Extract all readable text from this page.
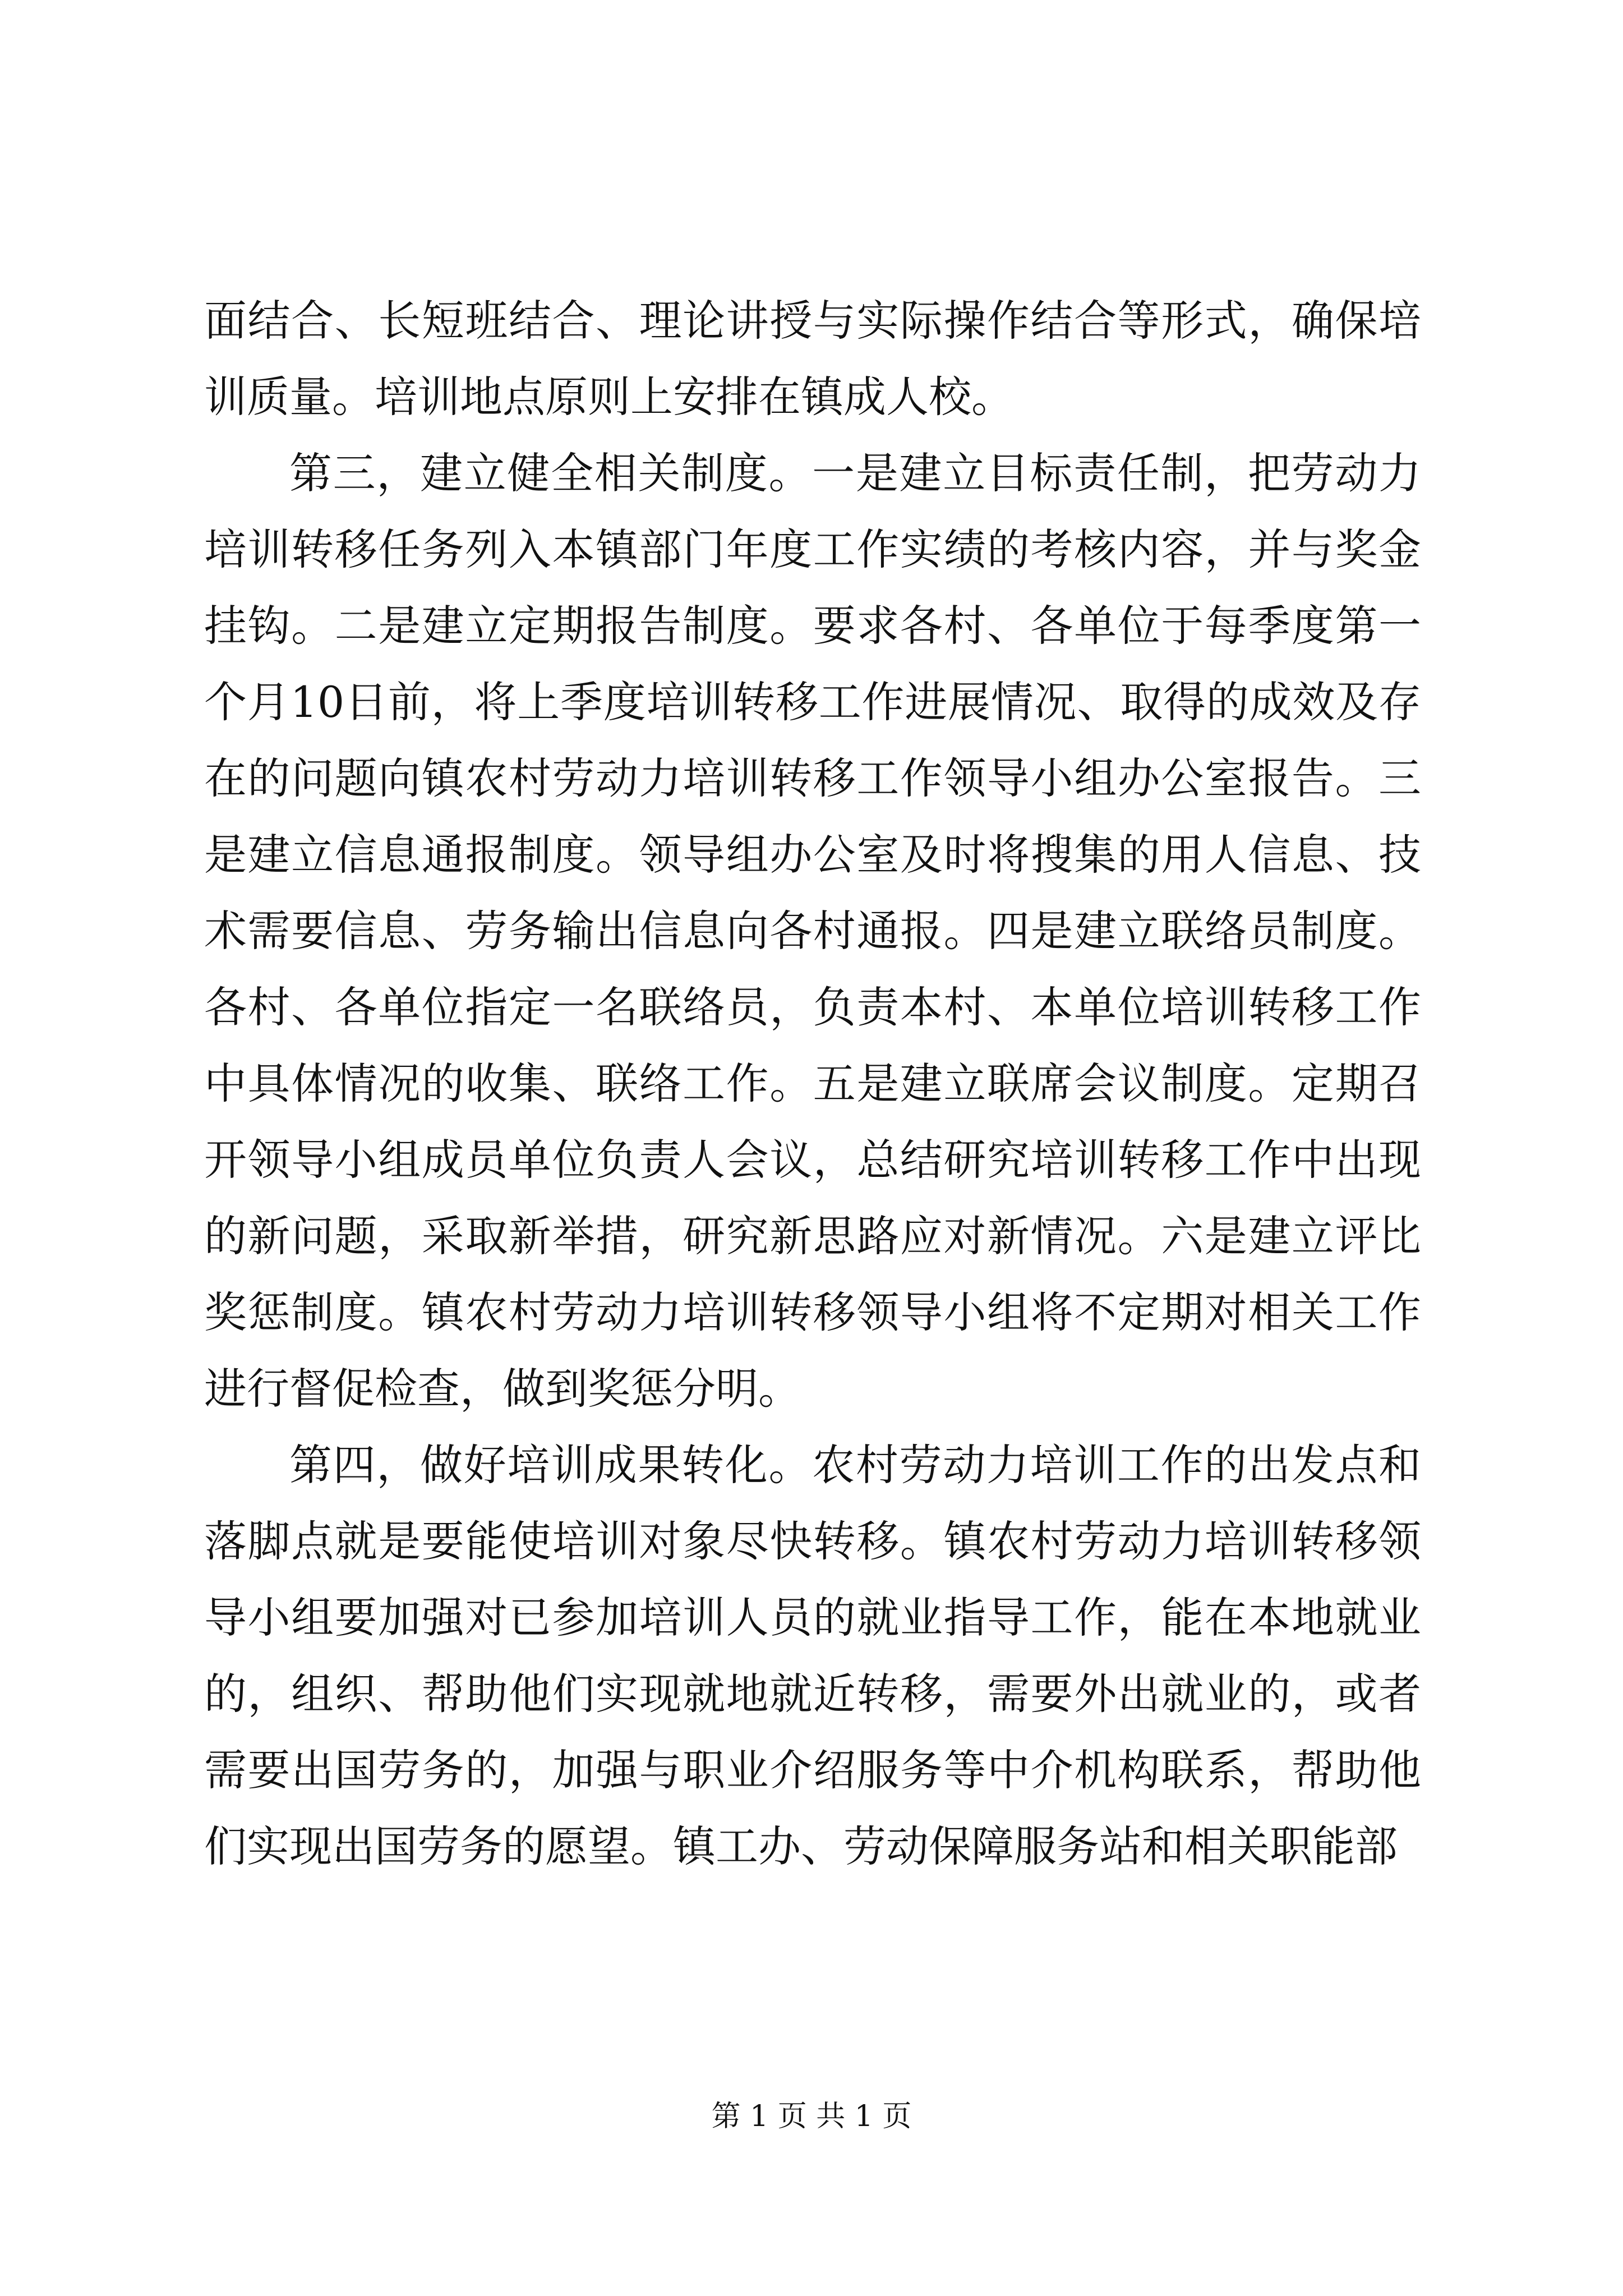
面结合、长短班结合、理论讲授与实际操作结合等形式，确保培训质量。培训地点原则上安排在镇成人校。

第三，建立健全相关制度。一是建立目标责任制，把劳动力培训转移任务列入本镇部门年度工作实绩的考核内容，并与奖金挂钩。二是建立定期报告制度。要求各村、各单位于每季度第一个月10日前，将上季度培训转移工作进展情况、取得的成效及存在的问题向镇农村劳动力培训转移工作领导小组办公室报告。三是建立信息通报制度。领导组办公室及时将搜集的用人信息、技术需要信息、劳务输出信息向各村通报。四是建立联络员制度。各村、各单位指定一名联络员，负责本村、本单位培训转移工作中具体情况的收集、联络工作。五是建立联席会议制度。定期召开领导小组成员单位负责人会议，总结研究培训转移工作中出现的新问题，采取新举措，研究新思路应对新情况。六是建立评比奖惩制度。镇农村劳动力培训转移领导小组将不定期对相关工作进行督促检查，做到奖惩分明。

第四，做好培训成果转化。农村劳动力培训工作的出发点和落脚点就是要能使培训对象尽快转移。镇农村劳动力培训转移领导小组要加强对已参加培训人员的就业指导工作，能在本地就业的，组织、帮助他们实现就地就近转移，需要外出就业的，或者需要出国劳务的，加强与职业介绍服务等中介机构联系，帮助他们实现出国劳务的愿望。镇工办、劳动保障服务站和相关职能部

第 1 页 共 1 页
